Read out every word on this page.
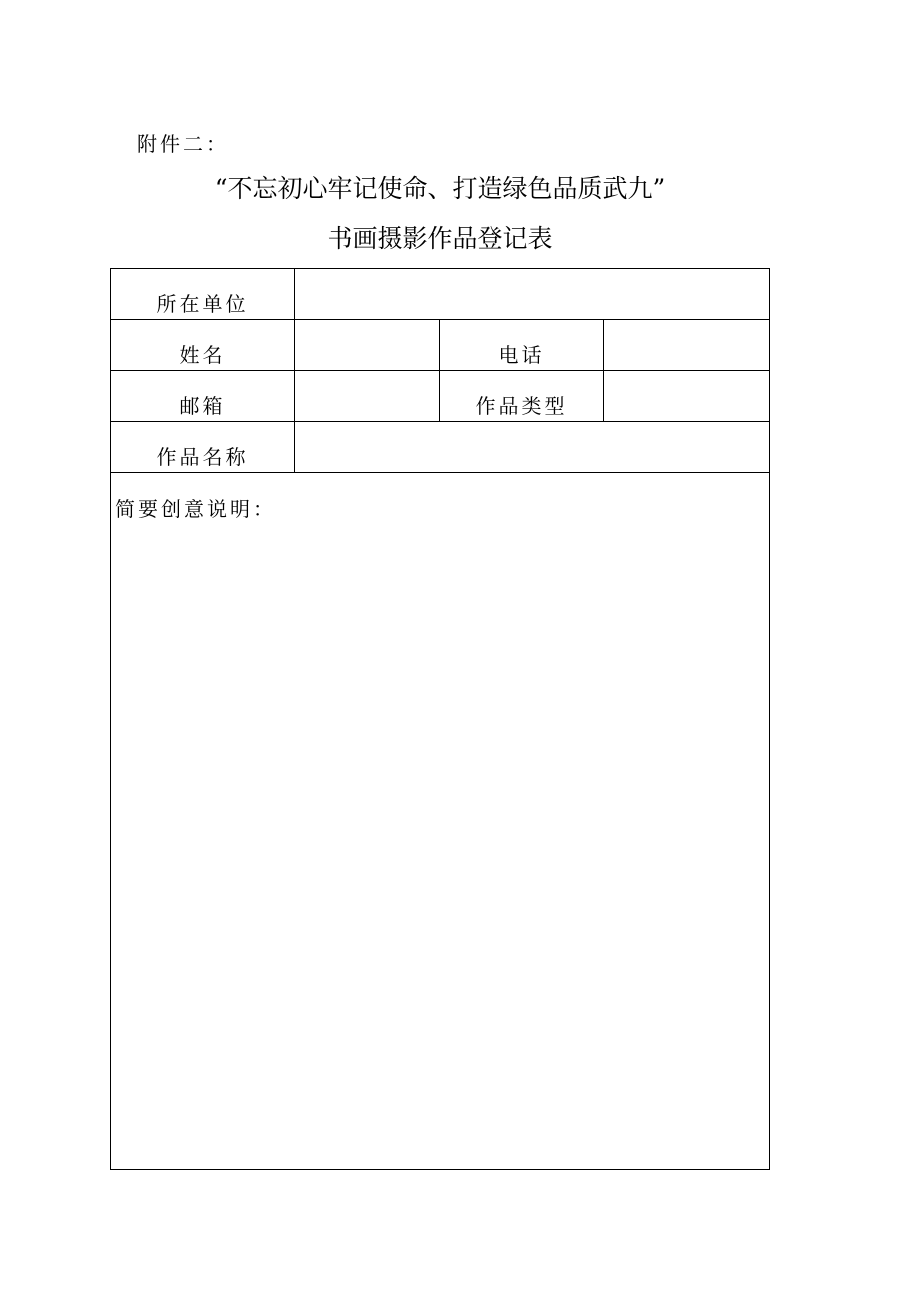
附件二：
“不忘初心牢记使命、打造绿色品质武九”
书画摄影作品登记表
所在单位			
姓名		电话	
邮箱		作品类型	
作品名称			
简要创意说明：			
